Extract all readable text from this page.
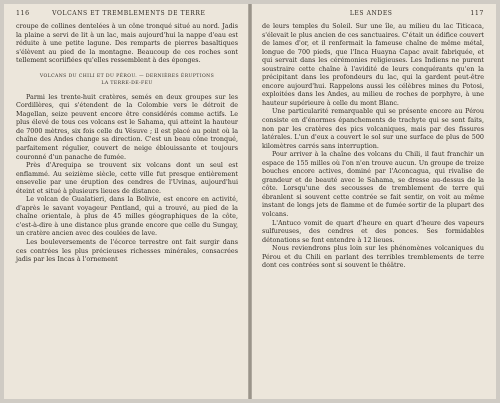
116	VOLCANS ET TREMBLEMENTS DE TERRE

croupe de collines dentelées à un cône tronqué situé au nord. Jadis la plaine a servi de lit à un lac, mais aujourd'hui la nappe d'eau est réduite à une petite lagune. Des remparts de pierres basaltiques s'élèvent au pied de la montagne. Beaucoup de ces roches sont tellement scoriifiées qu'elles ressemblent à des éponges.

VOLCANS DU CHILI ET DU PÉROU. — DERNIÈRES ÉRUPTIONS
LA TERRE-DE-FEU

Parmi les trente-huit cratères, semés en deux groupes sur les Cordillères, qui s'étendent de la Colombie vers le détroit de Magellan, seize peuvent encore être considérés comme actifs. Le plus élevé de tous ces volcans est le Sahama, qui atteint la hauteur de 7000 mètres, six fois celle du Vésuve ; il est placé au point où la chaîne des Andes change sa direction. C'est un beau cône tronqué, parfaitement régulier, couvert de neige éblouissante et toujours couronné d'un panache de fumée.

Près d'Arequipa se trouvent six volcans dont un seul est enflammé. Au seizième siècle, cette ville fut presque entièrement ensevelie par une éruption des cendres de l'Uvinas, aujourd'hui éteint et situé à plusieurs lieues de distance.

Le volcan de Gualatieri, dans la Bolivie, est encore en activité, d'après le savant voyageur Pentland, qui a trouvé, au pied de la chaîne orientale, à plus de 45 milles géographiques de la côte, c'est-à-dire à une distance plus grande encore que celle du Sungay, un cratère ancien avec des coulées de lave.

Les bouleversements de l'écorce terrestre ont fait surgir dans ces contrées les plus précieuses richesses minérales, consacrées jadis par les Incas à l'ornement

LES ANDES	117

de leurs temples du Soleil. Sur une île, au milieu du lac Titicaca, s'élevait le plus ancien de ces sanctuaires. C'était un édifice couvert de lames d'or, et il renfermait la fameuse chaîne de même métal, longue de 700 pieds, que l'Inca Huayna Capac avait fabriquée, et qui servait dans les cérémonies religieuses. Les Indiens ne purent soustraire cette chaîne à l'avidité de leurs conquérants qu'en la précipitant dans les profondeurs du lac, qui la gardent peut-être encore aujourd'hui. Rappelons aussi les célèbres mines du Potosi, exploitées dans les Andes, au milieu de roches de porphyre, à une hauteur supérieure à celle du mont Blanc.

Une particularité remarquable qui se présente encore au Pérou consiste en d'énormes épanchements de trachyte qui se sont faits, non par les cratères des pics volcaniques, mais par des fissures latérales. L'un d'eux a couvert le sol sur une surface de plus de 500 kilomètres carrés sans interruption.

Pour arriver à la chaîne des volcans du Chili, il faut franchir un espace de 155 milles où l'on n'en trouve aucun. Un groupe de treize bouches encore actives, dominé par l'Aconcagua, qui rivalise de grandeur et de beauté avec le Sahama, se dresse au-dessus de la côte. Lorsqu'une des secousses de tremblement de terre qui ébranlent si souvent cette contrée se fait sentir, on voit au même instant de longs jets de flamme et de fumée sortir de la plupart des volcans.

L'Antuco vomit de quart d'heure en quart d'heure des vapeurs sulfureuses, des cendres et des ponces. Ses formidables détonations se font entendre à 12 lieues.

Nous reviendrons plus loin sur les phénomènes volcaniques du Pérou et du Chili en parlant des terribles tremblements de terre dont ces contrées sont si souvent le théâtre.
